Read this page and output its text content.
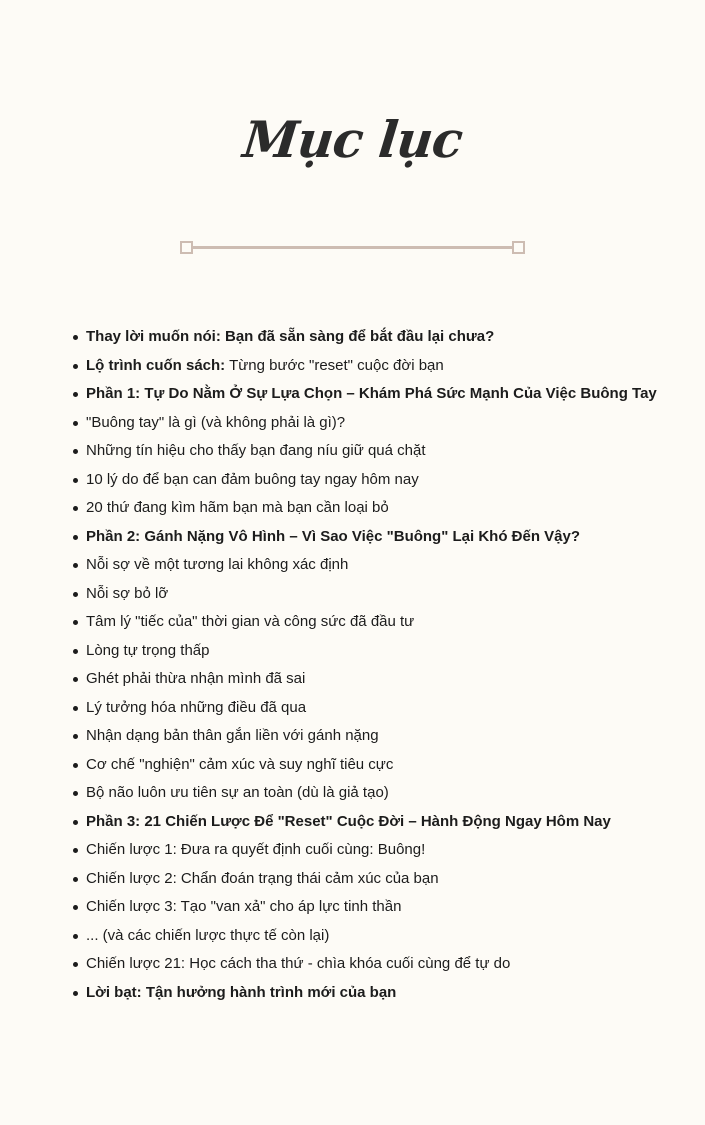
Mục lục
Thay lời muốn nói: Bạn đã sẵn sàng để bắt đầu lại chưa?
Lộ trình cuốn sách: Từng bước "reset" cuộc đời bạn
Phần 1: Tự Do Nằm Ở Sự Lựa Chọn – Khám Phá Sức Mạnh Của Việc Buông Tay
"Buông tay" là gì (và không phải là gì)?
Những tín hiệu cho thấy bạn đang níu giữ quá chặt
10 lý do để bạn can đảm buông tay ngay hôm nay
20 thứ đang kìm hãm bạn mà bạn cần loại bỏ
Phần 2: Gánh Nặng Vô Hình – Vì Sao Việc "Buông" Lại Khó Đến Vậy?
Nỗi sợ về một tương lai không xác định
Nỗi sợ bỏ lỡ
Tâm lý "tiếc của" thời gian và công sức đã đầu tư
Lòng tự trọng thấp
Ghét phải thừa nhận mình đã sai
Lý tưởng hóa những điều đã qua
Nhận dạng bản thân gắn liền với gánh nặng
Cơ chế "nghiện" cảm xúc và suy nghĩ tiêu cực
Bộ não luôn ưu tiên sự an toàn (dù là giả tạo)
Phần 3: 21 Chiến Lược Để "Reset" Cuộc Đời – Hành Động Ngay Hôm Nay
Chiến lược 1: Đưa ra quyết định cuối cùng: Buông!
Chiến lược 2: Chẩn đoán trạng thái cảm xúc của bạn
Chiến lược 3: Tạo "van xả" cho áp lực tinh thần
... (và các chiến lược thực tế còn lại)
Chiến lược 21: Học cách tha thứ - chìa khóa cuối cùng để tự do
Lời bạt: Tận hưởng hành trình mới của bạn
